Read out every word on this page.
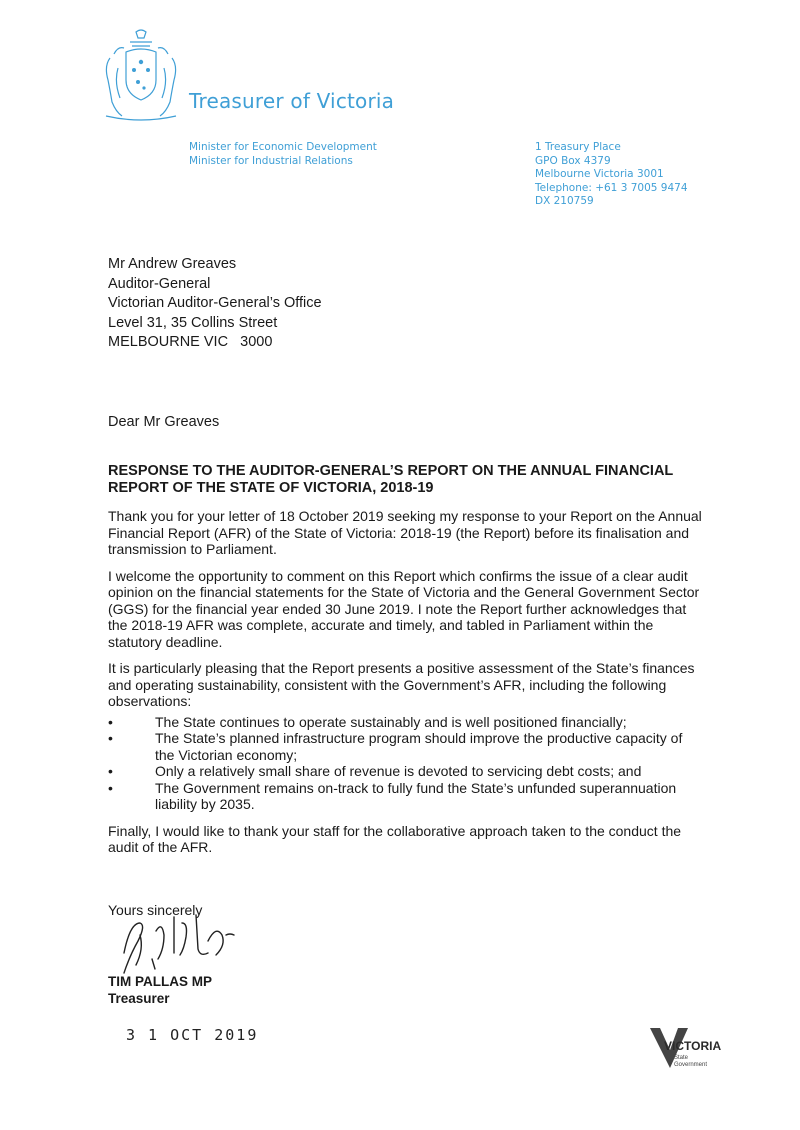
Treasurer of Victoria
Minister for Economic Development
Minister for Industrial Relations
1 Treasury Place
GPO Box 4379
Melbourne Victoria 3001
Telephone: +61 3 7005 9474
DX 210759
Mr Andrew Greaves
Auditor-General
Victorian Auditor-General’s Office
Level 31, 35 Collins Street
MELBOURNE VIC   3000
Dear Mr Greaves
RESPONSE TO THE AUDITOR-GENERAL’S REPORT ON THE ANNUAL FINANCIAL REPORT OF THE STATE OF VICTORIA, 2018-19

Thank you for your letter of 18 October 2019 seeking my response to your Report on the Annual Financial Report (AFR) of the State of Victoria: 2018-19 (the Report) before its finalisation and transmission to Parliament.

I welcome the opportunity to comment on this Report which confirms the issue of a clear audit opinion on the financial statements for the State of Victoria and the General Government Sector (GGS) for the financial year ended 30 June 2019. I note the Report further acknowledges that the 2018-19 AFR was complete, accurate and timely, and tabled in Parliament within the statutory deadline.

It is particularly pleasing that the Report presents a positive assessment of the State’s finances and operating sustainability, consistent with the Government’s AFR, including the following observations:

•	The State continues to operate sustainably and is well positioned financially;
•	The State’s planned infrastructure program should improve the productive capacity of the Victorian economy;
•	Only a relatively small share of revenue is devoted to servicing debt costs; and
•	The Government remains on-track to fully fund the State’s unfunded superannuation liability by 2035.

Finally, I would like to thank your staff for the collaborative approach taken to the conduct the audit of the AFR.

Yours sincerely
TIM PALLAS MP
Treasurer
3 1 OCT 2019
VICTORIA
State
Government
